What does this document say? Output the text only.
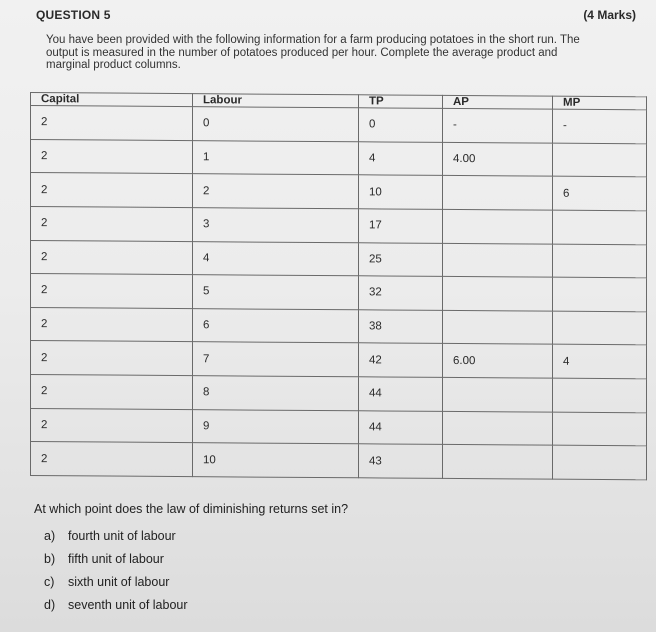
QUESTION 5	(4 Marks)
You have been provided with the following information for a farm producing potatoes in the short run. The output is measured in the number of potatoes produced per hour. Complete the average product and marginal product columns.
Capital	Labour	TP	AP	MP
2	0	0	-	-
2	1	4	4.00	
2	2	10		6
2	3	17		
2	4	25		
2	5	32		
2	6	38		
2	7	42	6.00	4
2	8	44		
2	9	44		
2	10	43		
At which point does the law of diminishing returns set in?
a) fourth unit of labour
b) fifth unit of labour
c) sixth unit of labour
d) seventh unit of labour
